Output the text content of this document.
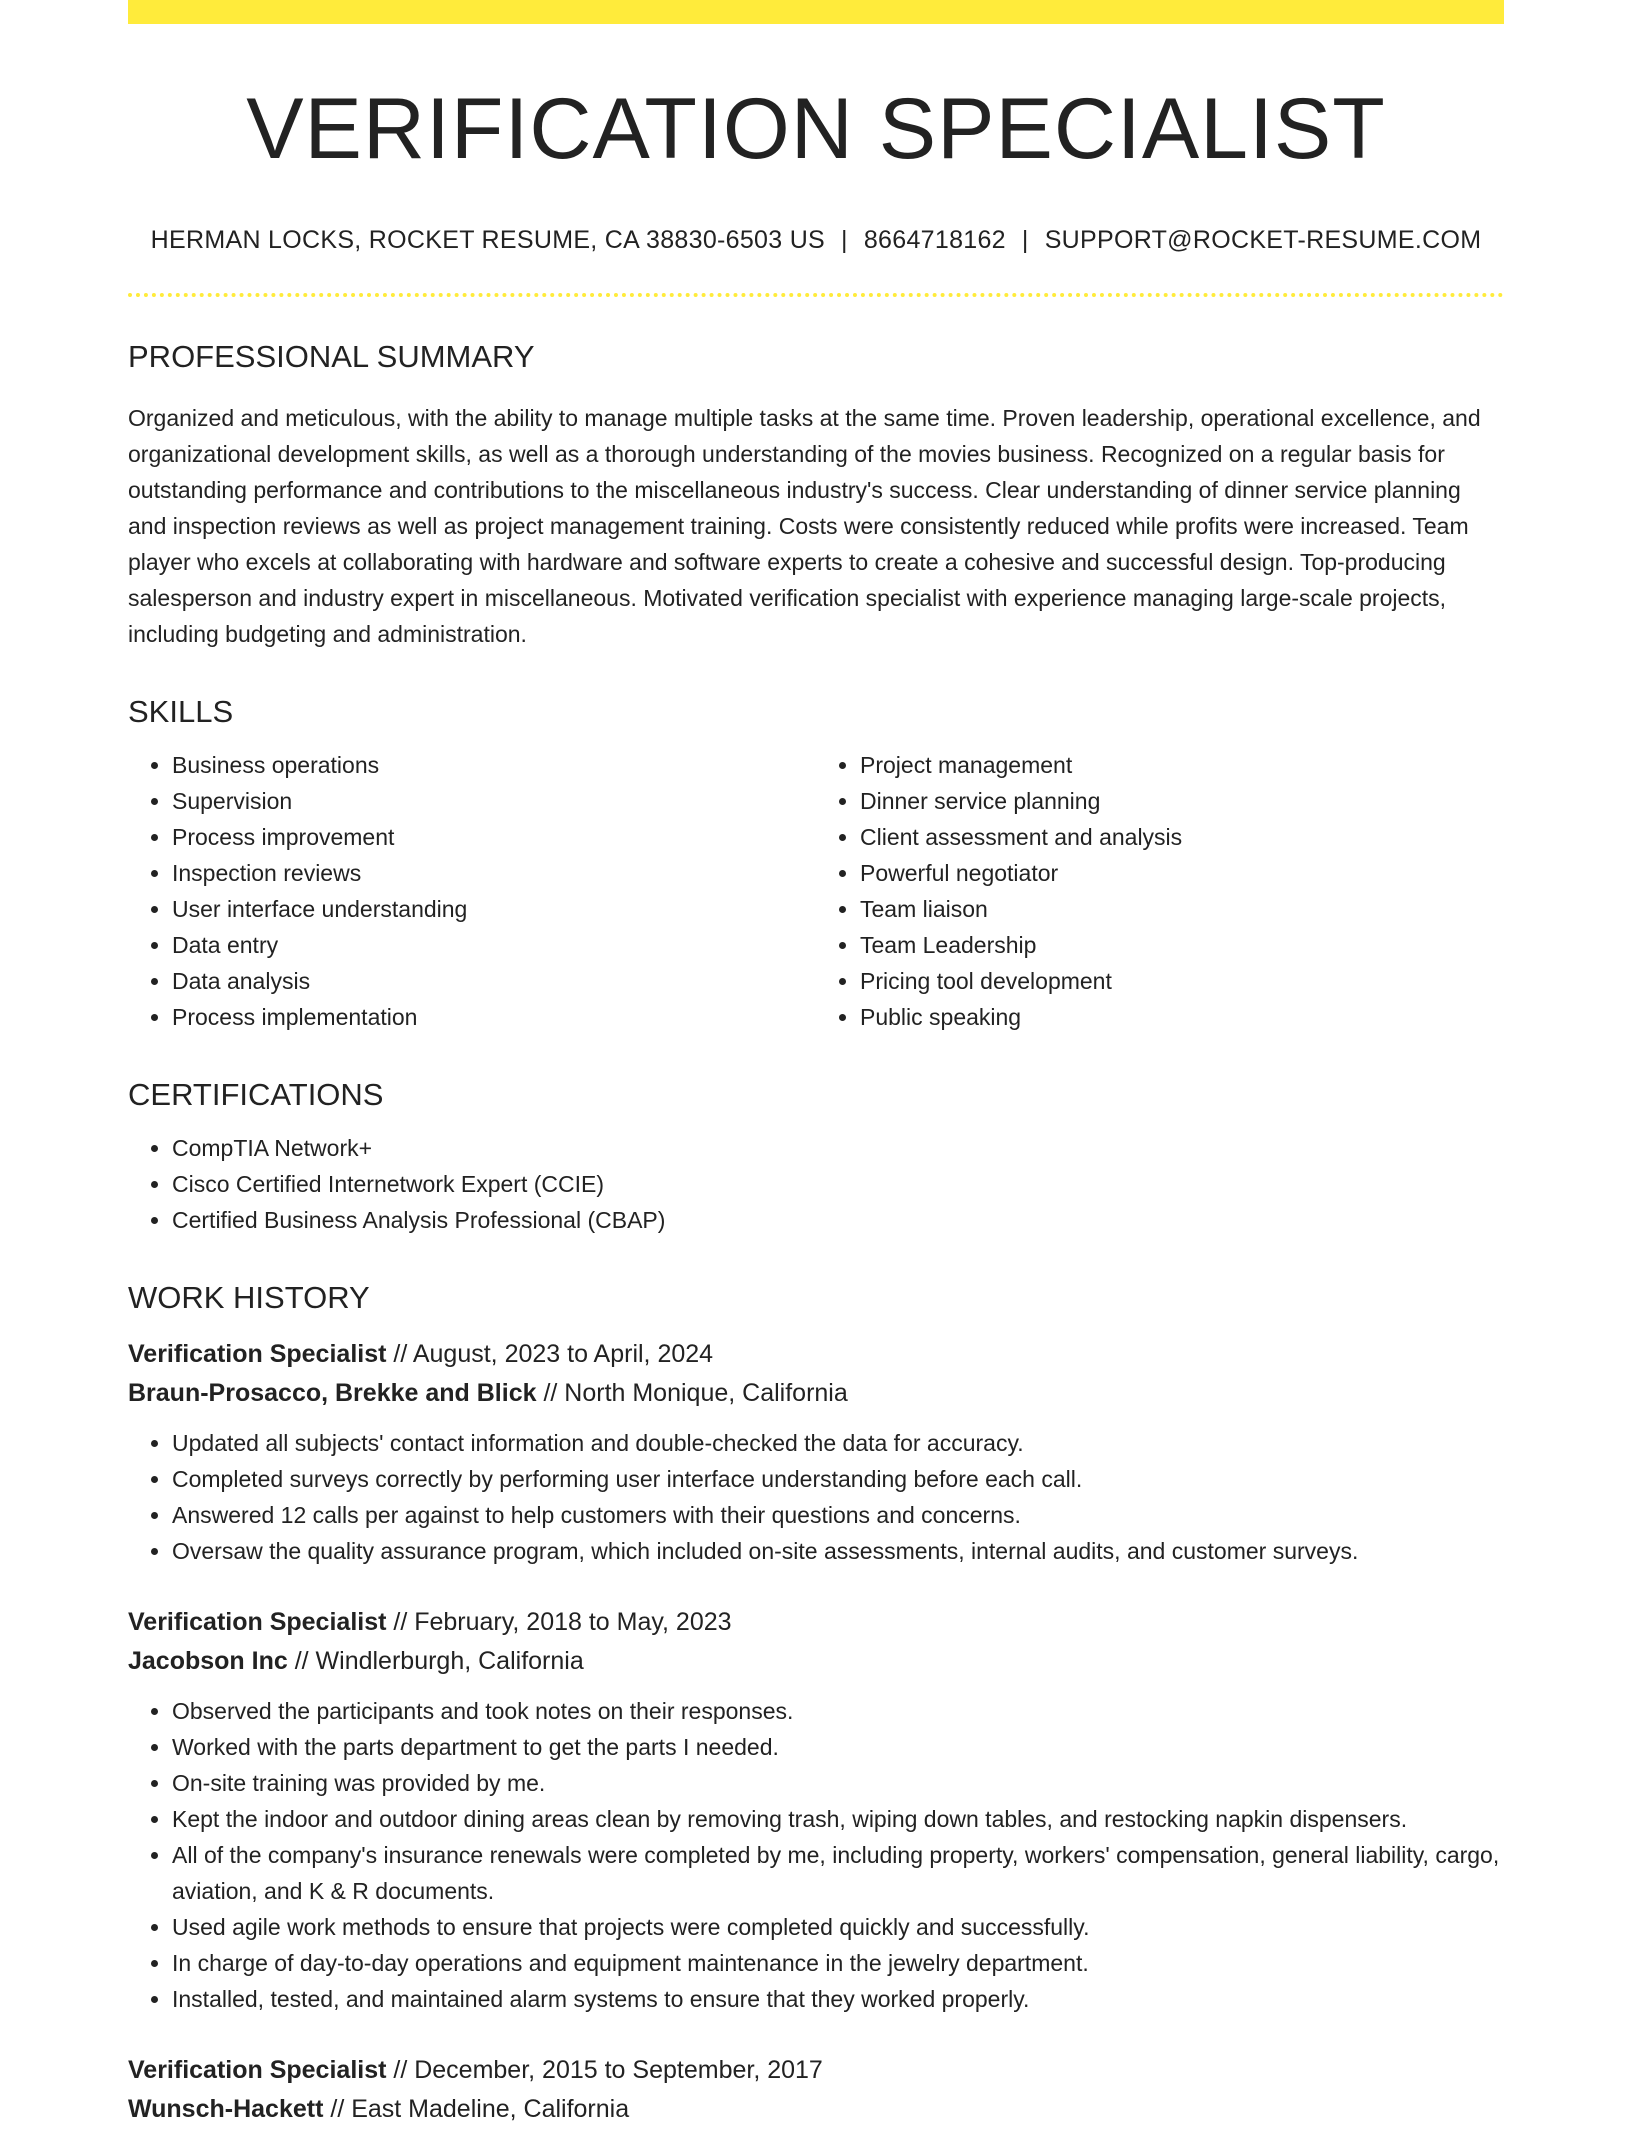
VERIFICATION SPECIALIST
HERMAN LOCKS, ROCKET RESUME, CA 38830-6503 US | 8664718162 | SUPPORT@ROCKET-RESUME.COM
PROFESSIONAL SUMMARY

Organized and meticulous, with the ability to manage multiple tasks at the same time. Proven leadership, operational excellence, and organizational development skills, as well as a thorough understanding of the movies business. Recognized on a regular basis for outstanding performance and contributions to the miscellaneous industry's success. Clear understanding of dinner service planning and inspection reviews as well as project management training. Costs were consistently reduced while profits were increased. Team player who excels at collaborating with hardware and software experts to create a cohesive and successful design. Top-producing salesperson and industry expert in miscellaneous. Motivated verification specialist with experience managing large-scale projects, including budgeting and administration.

SKILLS
• Business operations
• Supervision
• Process improvement
• Inspection reviews
• User interface understanding
• Data entry
• Data analysis
• Process implementation
• Project management
• Dinner service planning
• Client assessment and analysis
• Powerful negotiator
• Team liaison
• Team Leadership
• Pricing tool development
• Public speaking
CERTIFICATIONS
• CompTIA Network+
• Cisco Certified Internetwork Expert (CCIE)
• Certified Business Analysis Professional (CBAP)
WORK HISTORY
Verification Specialist // August, 2023 to April, 2024
Braun-Prosacco, Brekke and Blick // North Monique, California
• Updated all subjects' contact information and double-checked the data for accuracy.
• Completed surveys correctly by performing user interface understanding before each call.
• Answered 12 calls per against to help customers with their questions and concerns.
• Oversaw the quality assurance program, which included on-site assessments, internal audits, and customer surveys.
Verification Specialist // February, 2018 to May, 2023
Jacobson Inc // Windlerburgh, California
• Observed the participants and took notes on their responses.
• Worked with the parts department to get the parts I needed.
• On-site training was provided by me.
• Kept the indoor and outdoor dining areas clean by removing trash, wiping down tables, and restocking napkin dispensers.
• All of the company's insurance renewals were completed by me, including property, workers' compensation, general liability, cargo, aviation, and K & R documents.
• Used agile work methods to ensure that projects were completed quickly and successfully.
• In charge of day-to-day operations and equipment maintenance in the jewelry department.
• Installed, tested, and maintained alarm systems to ensure that they worked properly.
Verification Specialist // December, 2015 to September, 2017
Wunsch-Hackett // East Madeline, California
